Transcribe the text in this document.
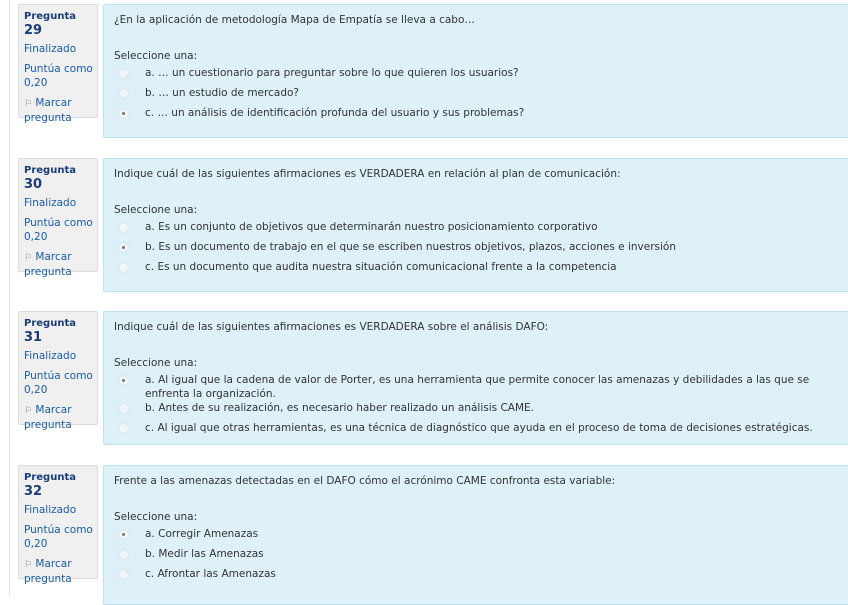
Pregunta 29
Finalizado
Puntúa como
0,20
⚐ Marcar pregunta
¿En la aplicación de metodología Mapa de Empatía se lleva a cabo…
Seleccione una:
a. … un cuestionario para preguntar sobre lo que quieren los usuarios?
b. … un estudio de mercado?
c. … un análisis de identificación profunda del usuario y sus problemas?
Pregunta 30
Finalizado
Puntúa como
0,20
⚐ Marcar pregunta
Indique cuál de las siguientes afirmaciones es VERDADERA en relación al plan de comunicación:
Seleccione una:
a. Es un conjunto de objetivos que determinarán nuestro posicionamiento corporativo
b. Es un documento de trabajo en el que se escriben nuestros objetivos, plazos, acciones e inversión
c. Es un documento que audita nuestra situación comunicacional frente a la competencia
Pregunta 31
Finalizado
Puntúa como
0,20
⚐ Marcar pregunta
Indique cuál de las siguientes afirmaciones es VERDADERA sobre el análisis DAFO:
Seleccione una:
a. Al igual que la cadena de valor de Porter, es una herramienta que permite conocer las amenazas y debilidades a las que se enfrenta la organización.
b. Antes de su realización, es necesario haber realizado un análisis CAME.
c. Al igual que otras herramientas, es una técnica de diagnóstico que ayuda en el proceso de toma de decisiones estratégicas.
Pregunta 32
Finalizado
Puntúa como
0,20
⚐ Marcar pregunta
Frente a las amenazas detectadas en el DAFO cómo el acrónimo CAME confronta esta variable:
Seleccione una:
a. Corregir Amenazas
b. Medir las Amenazas
c. Afrontar las Amenazas
